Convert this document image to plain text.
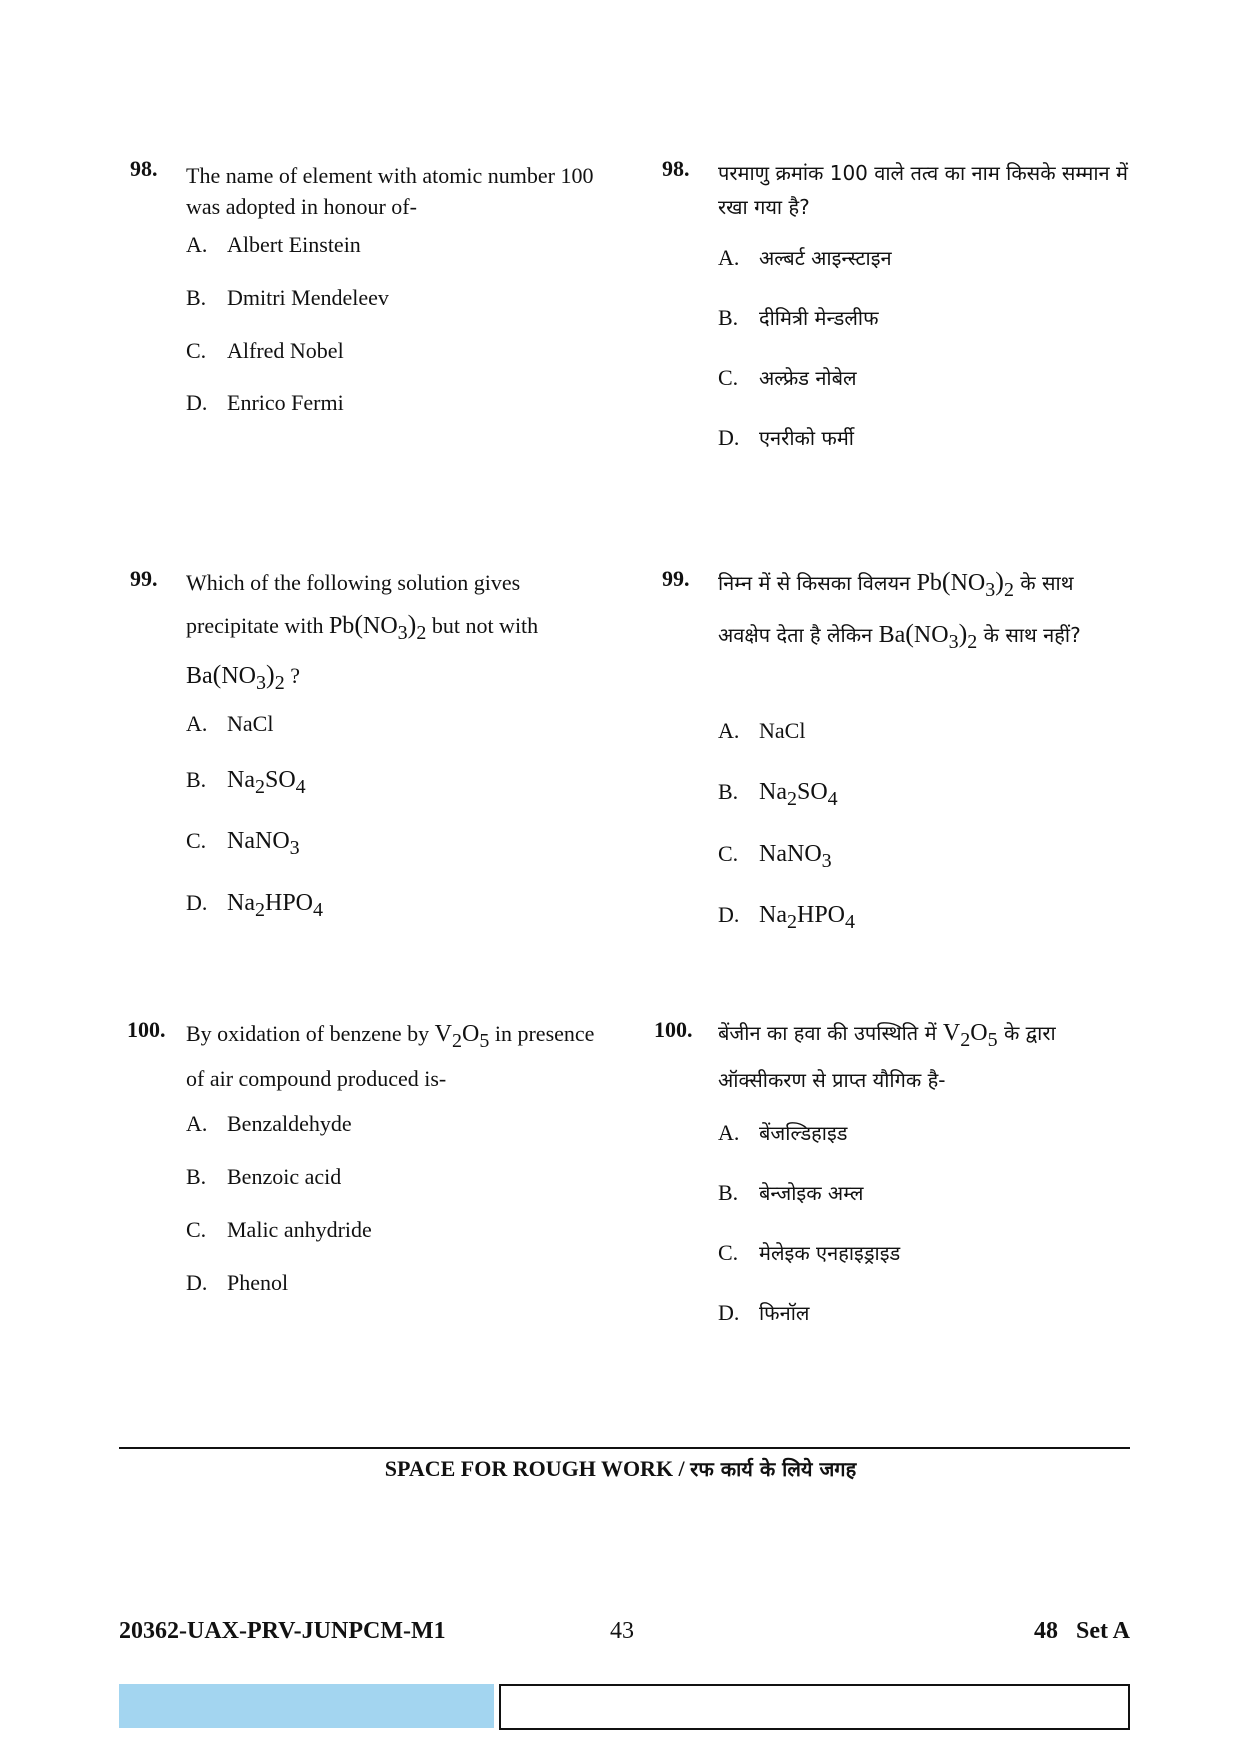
98. The name of element with atomic number 100 was adopted in honour of-
A. Albert Einstein
B. Dmitri Mendeleev
C. Alfred Nobel
D. Enrico Fermi
99. Which of the following solution gives precipitate with $Pb(NO_3)_2$ but not with $Ba(NO_3)_2$ ?
A. NaCl
B. $Na_2SO_4$
C. NaNO$_3$
D. $Na_2HPO_4$
100. By oxidation of benzene by $V_2O_5$ in presence of air compound produced is-
A. Benzaldehyde
B. Benzoic acid
C. Malic anhydride
D. Phenol
98. परमाणु क्रमांक 100 वाले तत्व का नाम किसके सम्मान में रखा गया है?
A. अल्बर्ट आइन्स्टाइन
B. दीमित्री मेन्डलीफ
C. अल्फ्रेड नोबेल
D. एनरीको फर्मी
99. निम्न में से किसका विलयन $Pb(NO_3)_2$ के साथ अवक्षेप देता है लेकिन $Ba(NO_3)_2$ के साथ नहीं?
A. NaCl
B. $Na_2SO_4$
C. NaNO$_3$
D. $Na_2HPO_4$
100. बेंजीन का हवा की उपस्थिति में $V_2O_5$ के द्वारा ऑक्सीकरण से प्राप्त यौगिक है-
A. बेंजल्डिहाइड
B. बेन्जोइक अम्ल
C. मेलेइक एनहाइड्राइड
D. फिनॉल
SPACE FOR ROUGH WORK / रफ कार्य के लिये जगह
20362-UAX-PRV-JUNPCM-M1	43	48 Set A
